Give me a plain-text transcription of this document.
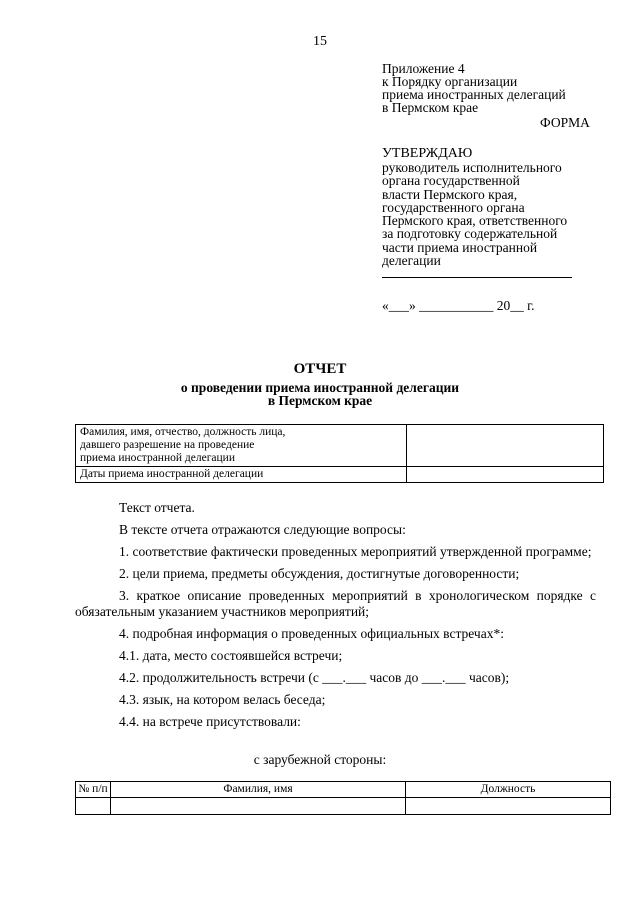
15
Приложение 4
к Порядку организации
приема иностранных делегаций
в Пермском крае
ФОРМА
УТВЕРЖДАЮ
руководитель исполнительного
органа государственной
власти Пермского края,
государственного органа
Пермского края, ответственного
за подготовку содержательной
части приема иностранной
делегации
«___» ___________ 20__ г.
ОТЧЕТ
о проведении приема иностранной делегации
в Пермском крае
Фамилия, имя, отчество, должность лица,
давшего разрешение на проведение
приема иностранной делегации	

Даты приема иностранной делегации	

Текст отчета.

В тексте отчета отражаются следующие вопросы:

1. соответствие фактически проведенных мероприятий утвержденной программе;

2. цели приема, предметы обсуждения, достигнутые договоренности;

3. краткое описание проведенных мероприятий в хронологическом порядке с обязательным указанием участников мероприятий;

4. подробная информация о проведенных официальных встречах*:

4.1. дата, место состоявшейся встречи;

4.2. продолжительность встречи (с ___.___ часов до ___.___ часов);

4.3. язык, на котором велась беседа;

4.4. на встрече присутствовали:

с зарубежной стороны:
№ п/п	Фамилия, имя	Должность
